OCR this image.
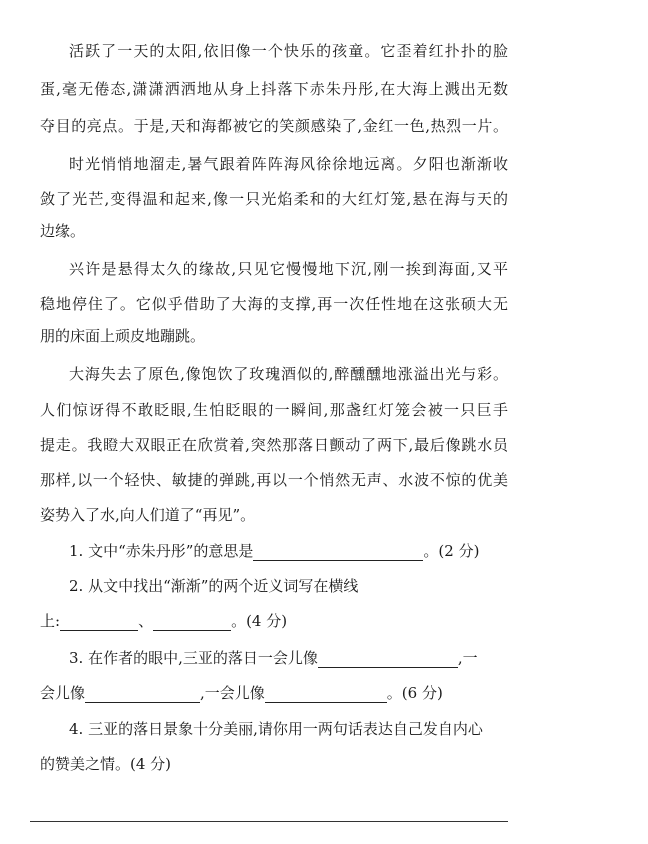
活跃了一天的太阳,依旧像一个快乐的孩童。它歪着红扑扑的脸
蛋,毫无倦态,潇潇洒洒地从身上抖落下赤朱丹彤,在大海上溅出无数
夺目的亮点。于是,天和海都被它的笑颜感染了,金红一色,热烈一片。
时光悄悄地溜走,暑气跟着阵阵海风徐徐地远离。夕阳也渐渐收
敛了光芒,变得温和起来,像一只光焰柔和的大红灯笼,悬在海与天的
边缘。
兴许是悬得太久的缘故,只见它慢慢地下沉,刚一挨到海面,又平
稳地停住了。它似乎借助了大海的支撑,再一次任性地在这张硕大无
朋的床面上顽皮地蹦跳。
大海失去了原色,像饱饮了玫瑰酒似的,醉醺醺地涨溢出光与彩。
人们惊讶得不敢眨眼,生怕眨眼的一瞬间,那盏红灯笼会被一只巨手
提走。我瞪大双眼正在欣赏着,突然那落日颤动了两下,最后像跳水员
那样,以一个轻快、敏捷的弹跳,再以一个悄然无声、水波不惊的优美
姿势入了水,向人们道了“再见”。
1. 文中“赤朱丹彤”的意思是	。(2 分)
2. 从文中找出“渐渐”的两个近义词写在横线
上:	、	。(4 分)
3. 在作者的眼中,三亚的落日一会儿像	,一
会儿像	,一会儿像	。(6 分)
4. 三亚的落日景象十分美丽,请你用一两句话表达自己发自内心
的赞美之情。(4 分)
